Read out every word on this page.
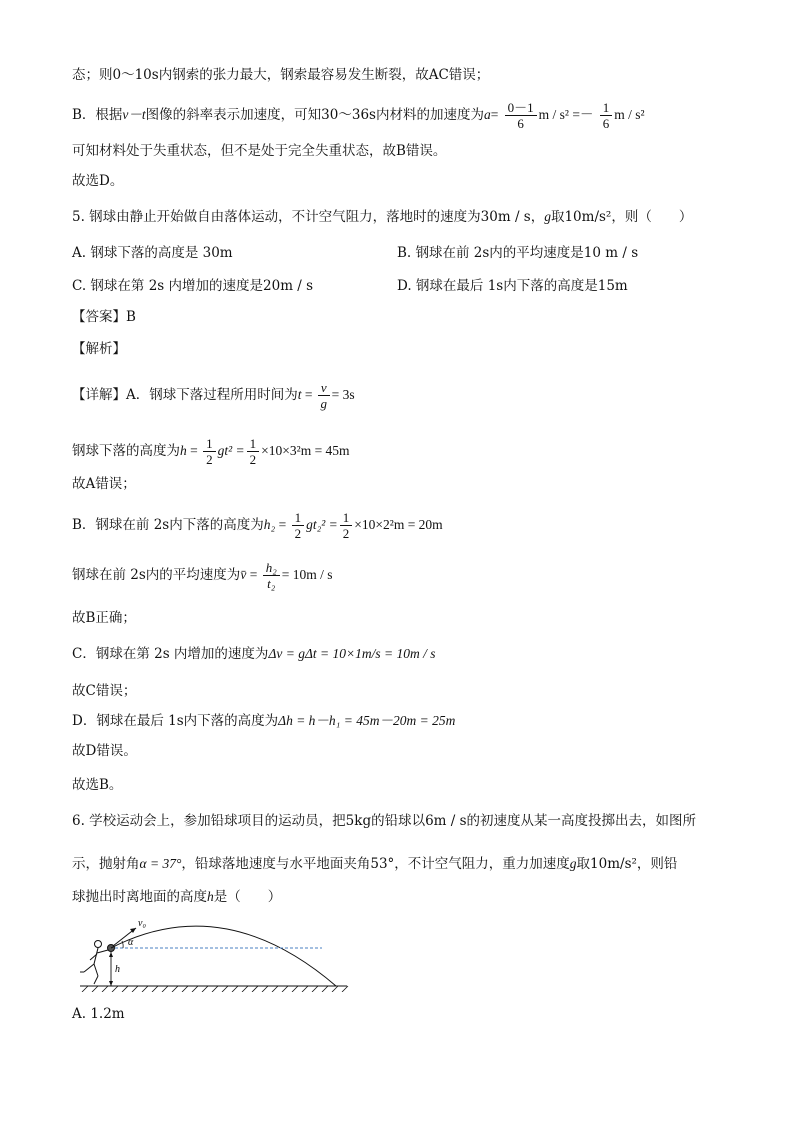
态；则0～10s内钢索的张力最大，钢索最容易发生断裂，故AC错误；
B．根据v－t图像的斜率表示加速度，可知30～36s内材料的加速度为$a= \frac{0-1}{6}$ $m / s^2 =- \frac{1}{6}$ m / s²
可知材料处于失重状态，但不是处于完全失重状态，故B错误。
故选D。
5. 钢球由静止开始做自由落体运动，不计空气阻力，落地时的速度为30m / s，g取10m/s²，则（　　）
A. 钢球下落的高度是 30m	B. 钢球在前 2s内的平均速度是10 m / s
C. 钢球在第 2s 内增加的速度是20m / s	D. 钢球在最后 1s内下落的高度是15m
【答案】B
【解析】
【详解】A．钢球下落过程所用时间为$t = \frac{v}{g} = 3s$
钢球下落的高度为$h = \frac{1}{2} gt^2 = \frac{1}{2} \times 10\times 3^2m = 45m$
故A错误；
B．钢球在前 2s内下落的高度为$h_2 = \frac{1}{2} gt_2^2 = \frac{1}{2} \times 10\times 2^2m = 20m$
钢球在前 2s内的平均速度为v̄ = $\frac{\text{h₂}}{\text{t₂}} = 10m / s$
故B正确；
C．钢球在第 2s 内增加的速度为Δv = gΔt = 10×1m/s = 10m / s
故C错误；
D．钢球在最后 1s内下落的高度为Δh = h－h₁ = 45m－20m = 25m
故D错误。
故选B。
6. 学校运动会上，参加铅球项目的运动员，把5kg的铅球以6m / s的初速度从某一高度投掷出去，如图所
示，抛射角α = 37°，铅球落地速度与水平地面夹角53°，不计空气阻力，重力加速度g取10m/s²，则铅
球抛出时离地面的高度h是（　　）
v₀
α
h
A. 1.2m
